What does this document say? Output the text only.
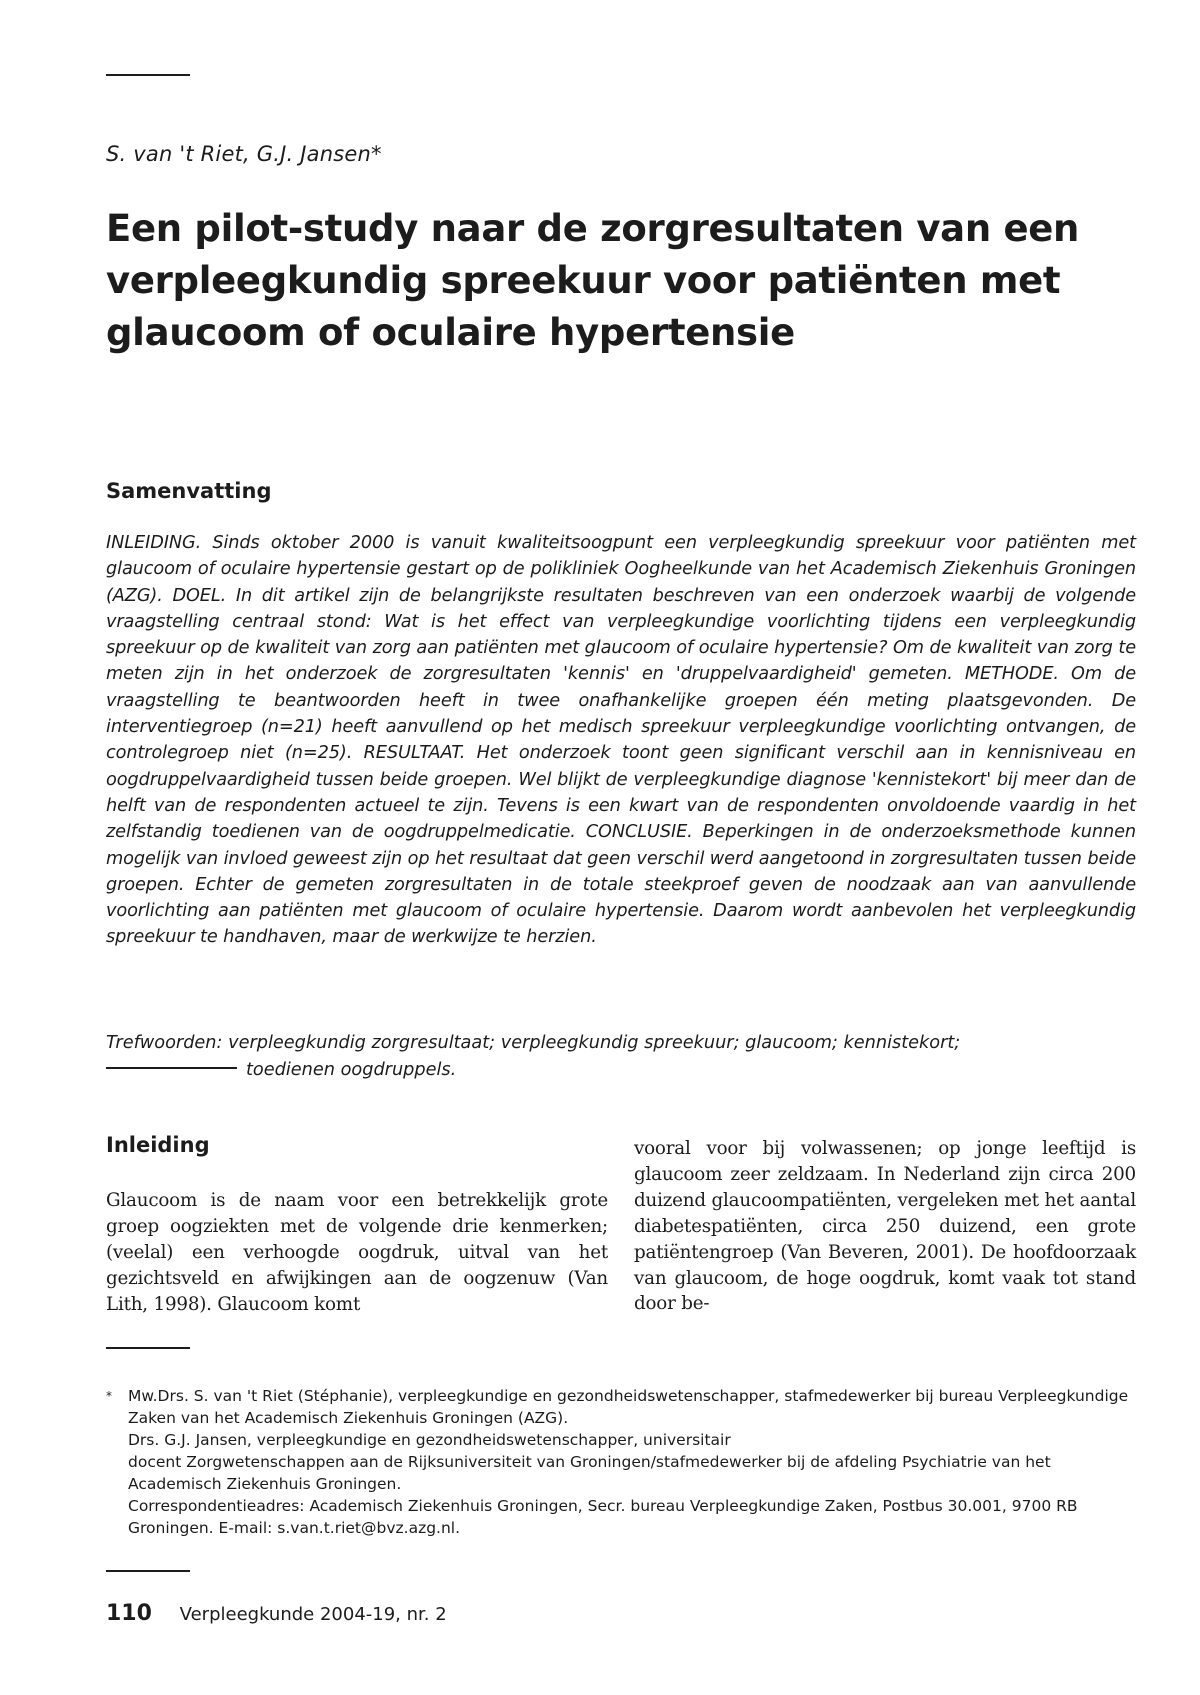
S. van 't Riet, G.J. Jansen*
Een pilot-study naar de zorgresultaten van een verpleegkundig spreekuur voor patiënten met glaucoom of oculaire hypertensie
Samenvatting

INLEIDING. Sinds oktober 2000 is vanuit kwaliteitsoogpunt een verpleegkundig spreekuur voor patiënten met glaucoom of oculaire hypertensie gestart op de polikliniek Oogheelkunde van het Academisch Ziekenhuis Groningen (AZG). DOEL. In dit artikel zijn de belangrijkste resultaten beschreven van een onderzoek waarbij de volgende vraagstelling centraal stond: Wat is het effect van verpleegkundige voorlichting tijdens een verpleegkundig spreekuur op de kwaliteit van zorg aan patiënten met glaucoom of oculaire hypertensie? Om de kwaliteit van zorg te meten zijn in het onderzoek de zorgresultaten 'kennis' en 'druppelvaardigheid' gemeten. METHODE. Om de vraagstelling te beantwoorden heeft in twee onafhankelijke groepen één meting plaatsgevonden. De interventiegroep (n=21) heeft aanvullend op het medisch spreekuur verpleegkundige voorlichting ontvangen, de controlegroep niet (n=25). RESULTAAT. Het onderzoek toont geen significant verschil aan in kennisniveau en oogdruppelvaardigheid tussen beide groepen. Wel blijkt de verpleegkundige diagnose 'kennistekort' bij meer dan de helft van de respondenten actueel te zijn. Tevens is een kwart van de respondenten onvoldoende vaardig in het zelfstandig toedienen van de oogdruppelmedicatie. CONCLUSIE. Beperkingen in de onderzoeksmethode kunnen mogelijk van invloed geweest zijn op het resultaat dat geen verschil werd aangetoond in zorgresultaten tussen beide groepen. Echter de gemeten zorgresultaten in de totale steekproef geven de noodzaak aan van aanvullende voorlichting aan patiënten met glaucoom of oculaire hypertensie. Daarom wordt aanbevolen het verpleegkundig spreekuur te handhaven, maar de werkwijze te herzien.

Trefwoorden: verpleegkundig zorgresultaat; verpleegkundig spreekuur; glaucoom; kennistekort;
toedienen oogdruppels.
Inleiding

Glaucoom is de naam voor een betrekkelijk grote groep oogziekten met de volgende drie kenmerken; (veelal) een verhoogde oogdruk, uitval van het gezichtsveld en afwijkingen aan de oogzenuw (Van Lith, 1998). Glaucoom komt

vooral voor bij volwassenen; op jonge leeftijd is glaucoom zeer zeldzaam. In Nederland zijn circa 200 duizend glaucoompatiënten, vergeleken met het aantal diabetespatiënten, circa 250 duizend, een grote patiëntengroep (Van Beveren, 2001). De hoofdoorzaak van glaucoom, de hoge oogdruk, komt vaak tot stand door be-

*	Mw.Drs. S. van 't Riet (Stéphanie), verpleegkundige en gezondheidswetenschapper, stafmedewerker bij bureau Verpleegkundige Zaken van het Academisch Ziekenhuis Groningen (AZG).
Drs. G.J. Jansen, verpleegkundige en gezondheidswetenschapper, universitair
docent Zorgwetenschappen aan de Rijksuniversiteit van Groningen/stafmedewerker bij de afdeling Psychiatrie van het Academisch Ziekenhuis Groningen.
Correspondentieadres: Academisch Ziekenhuis Groningen, Secr. bureau Verpleegkundige Zaken, Postbus 30.001, 9700 RB Groningen. E-mail: s.van.t.riet@bvz.azg.nl.
110 Verpleegkunde 2004-19, nr. 2
